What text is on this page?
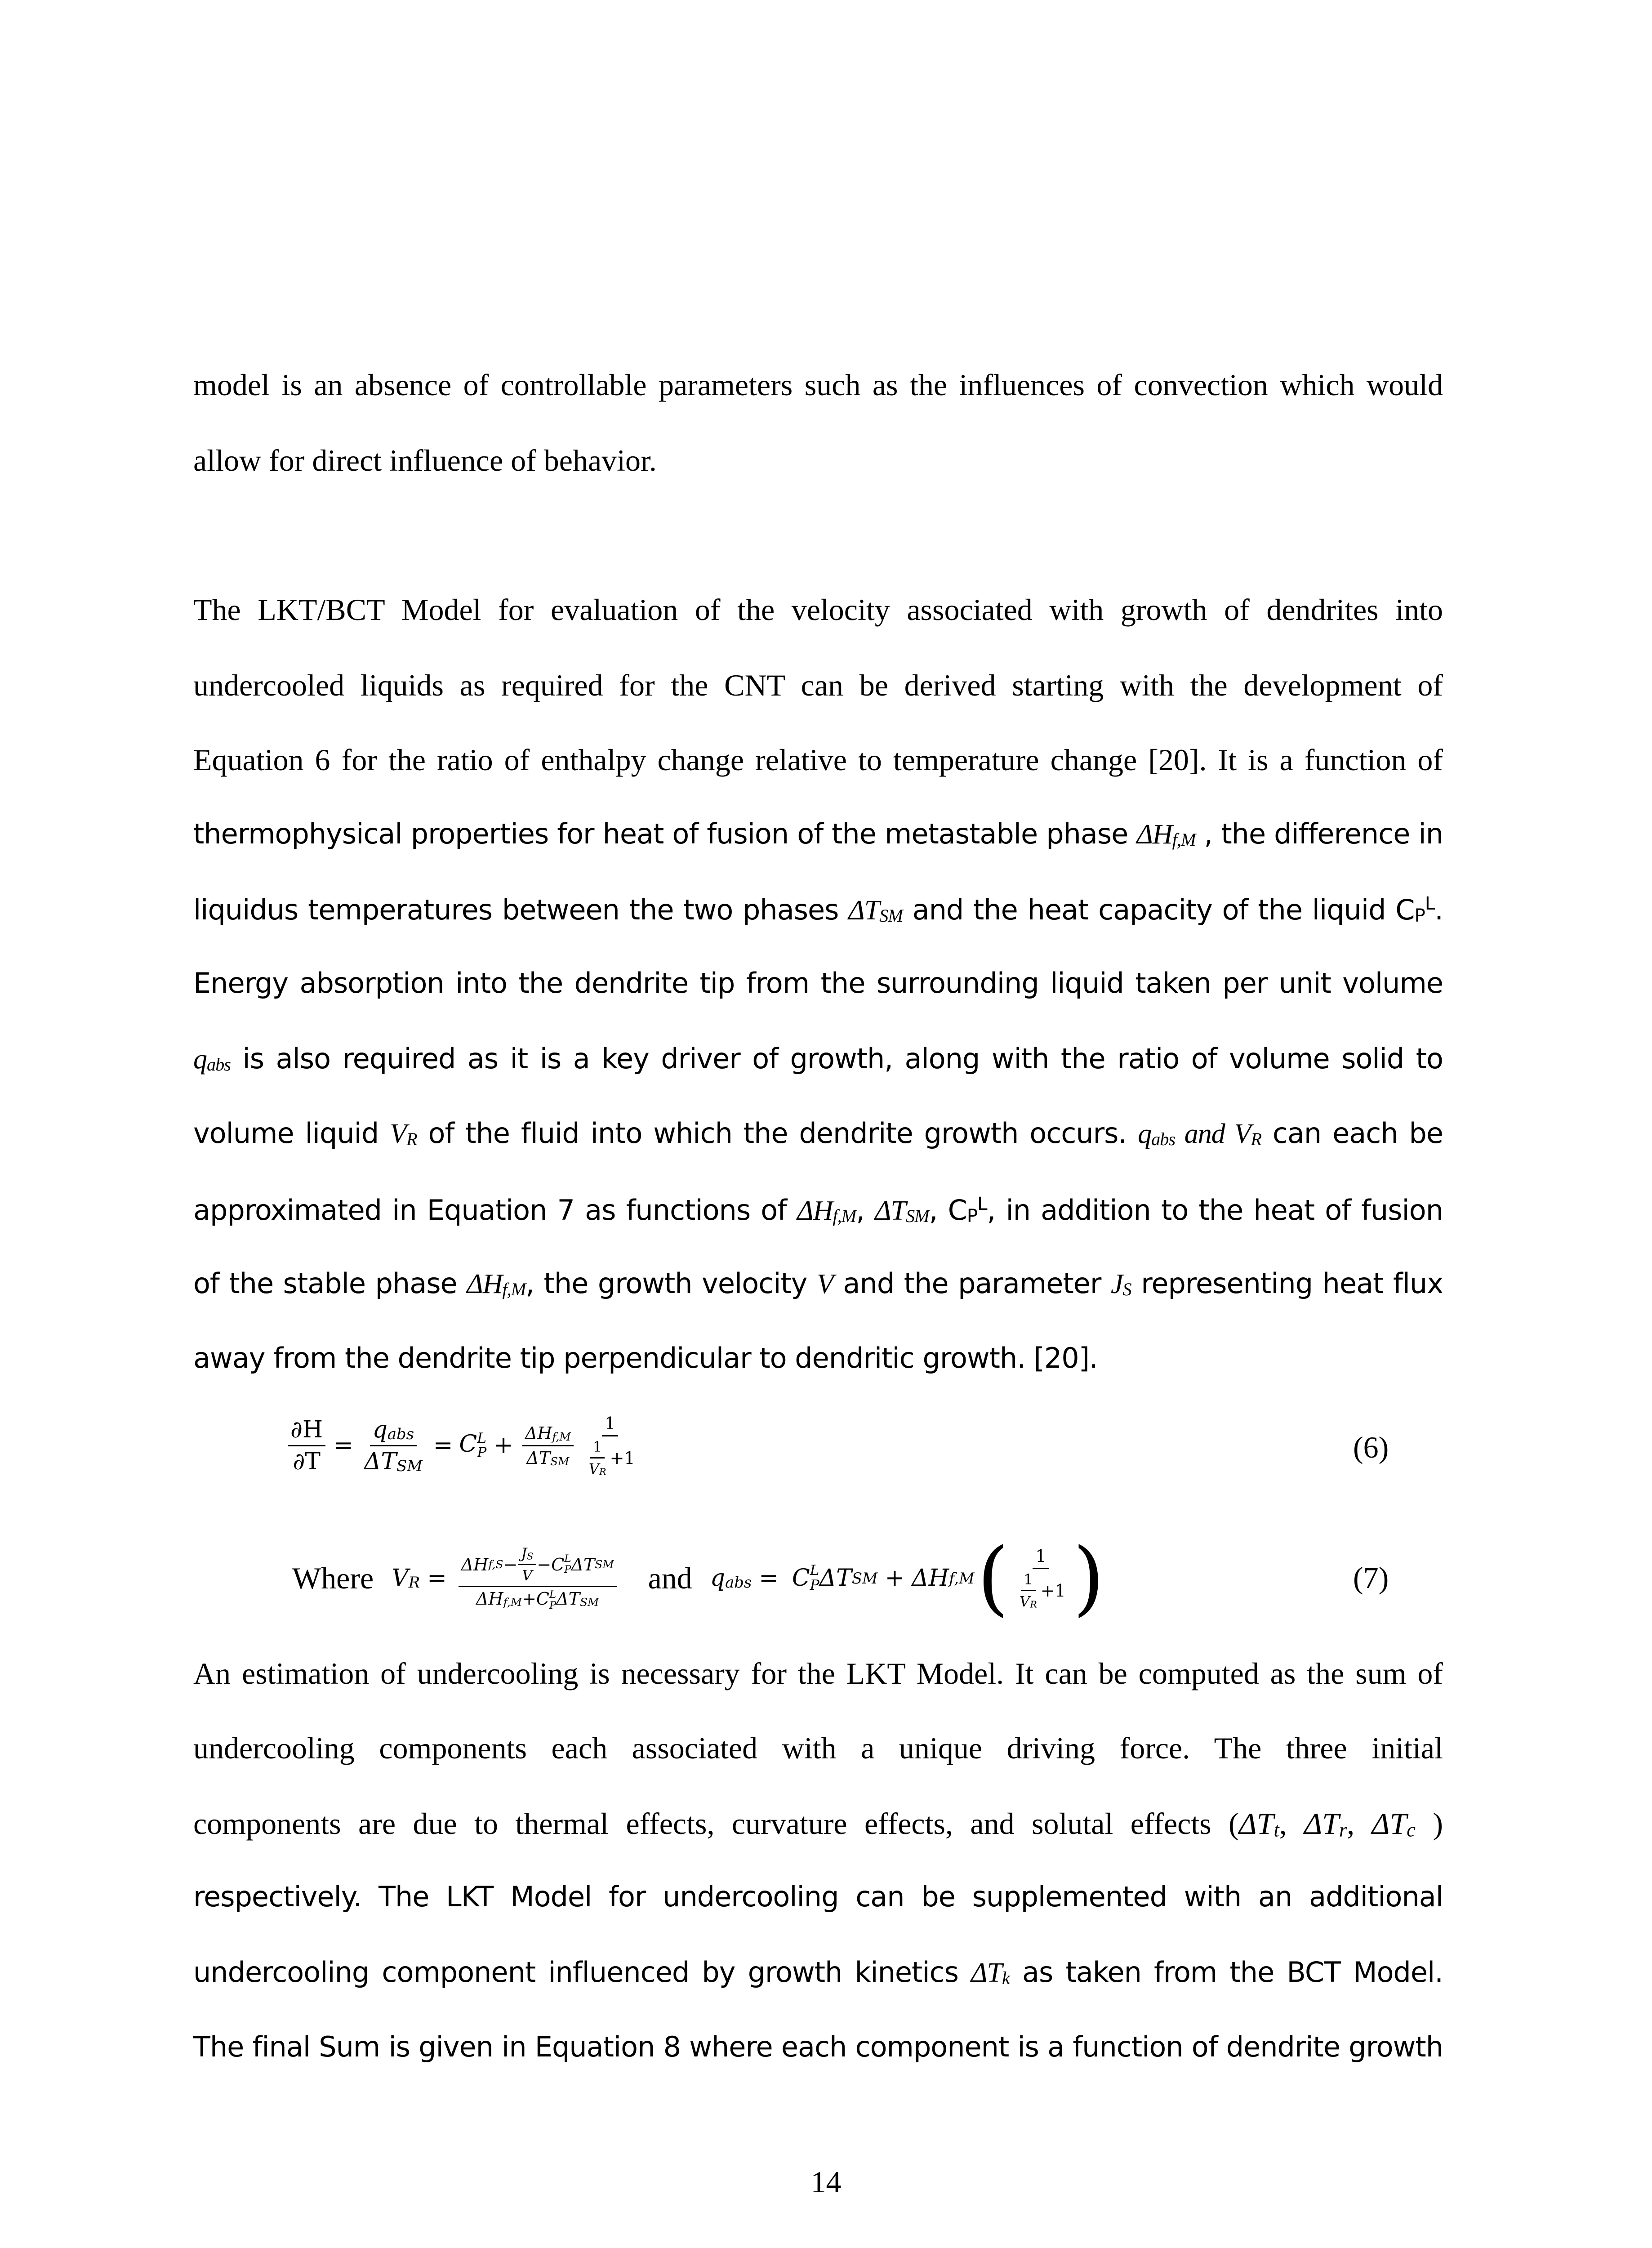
model is an absence of controllable parameters such as the influences of convection which would
allow for direct influence of behavior.
The LKT/BCT Model for evaluation of the velocity associated with growth of dendrites into
undercooled liquids as required for the CNT can be derived starting with the development of
Equation 6 for the ratio of enthalpy change relative to temperature change [20]. It is a function of
thermophysical properties for heat of fusion of the metastable phase ΔHf,M , the difference in
liquidus temperatures between the two phases ΔTSM and the heat capacity of the liquid $CP^L$.
Energy absorption into the dendrite tip from the surrounding liquid taken per unit volume
qabs is also required as it is a key driver of growth, along with the ratio of volume solid to
volume liquid VR of the fluid into which the dendrite growth occurs. qabs and VR can each be
approximated in Equation 7 as functions of ΔHf,M, ΔTSM, $CP^L$, in addition to the heat of fusion
of the stable phase ΔHf,M, the growth velocity V and the parameter JS representing heat flux
away from the dendrite tip perpendicular to dendritic growth. [20].
$\frac{\partial H}{\partial T} = \frac{\text{qabs}}{\text{ΔTSM}} = C$ L
$P + \frac{\text{ΔHf,M}}{\text{ΔTSM}} \frac{1}{\frac{1}{VR} +1}$	(6)
Where VR =
ΔH $f,S - \frac{JS}{V} - C$ L
P ΔT SM
ΔHf,M+C L
P ΔTSM
and qabs = C L
P ΔT SM + ΔH f,M ( $\frac{1}{\frac{1}{VR} +1}$ )	(7)
An estimation of undercooling is necessary for the LKT Model. It can be computed as the sum of
undercooling components each associated with a unique driving force. The three initial
components are due to thermal effects, curvature effects, and solutal effects (ΔTt, ΔTr, ΔTc )
respectively. The LKT Model for undercooling can be supplemented with an additional
undercooling component influenced by growth kinetics ΔTk as taken from the BCT Model.
The final Sum is given in Equation 8 where each component is a function of dendrite growth
14
